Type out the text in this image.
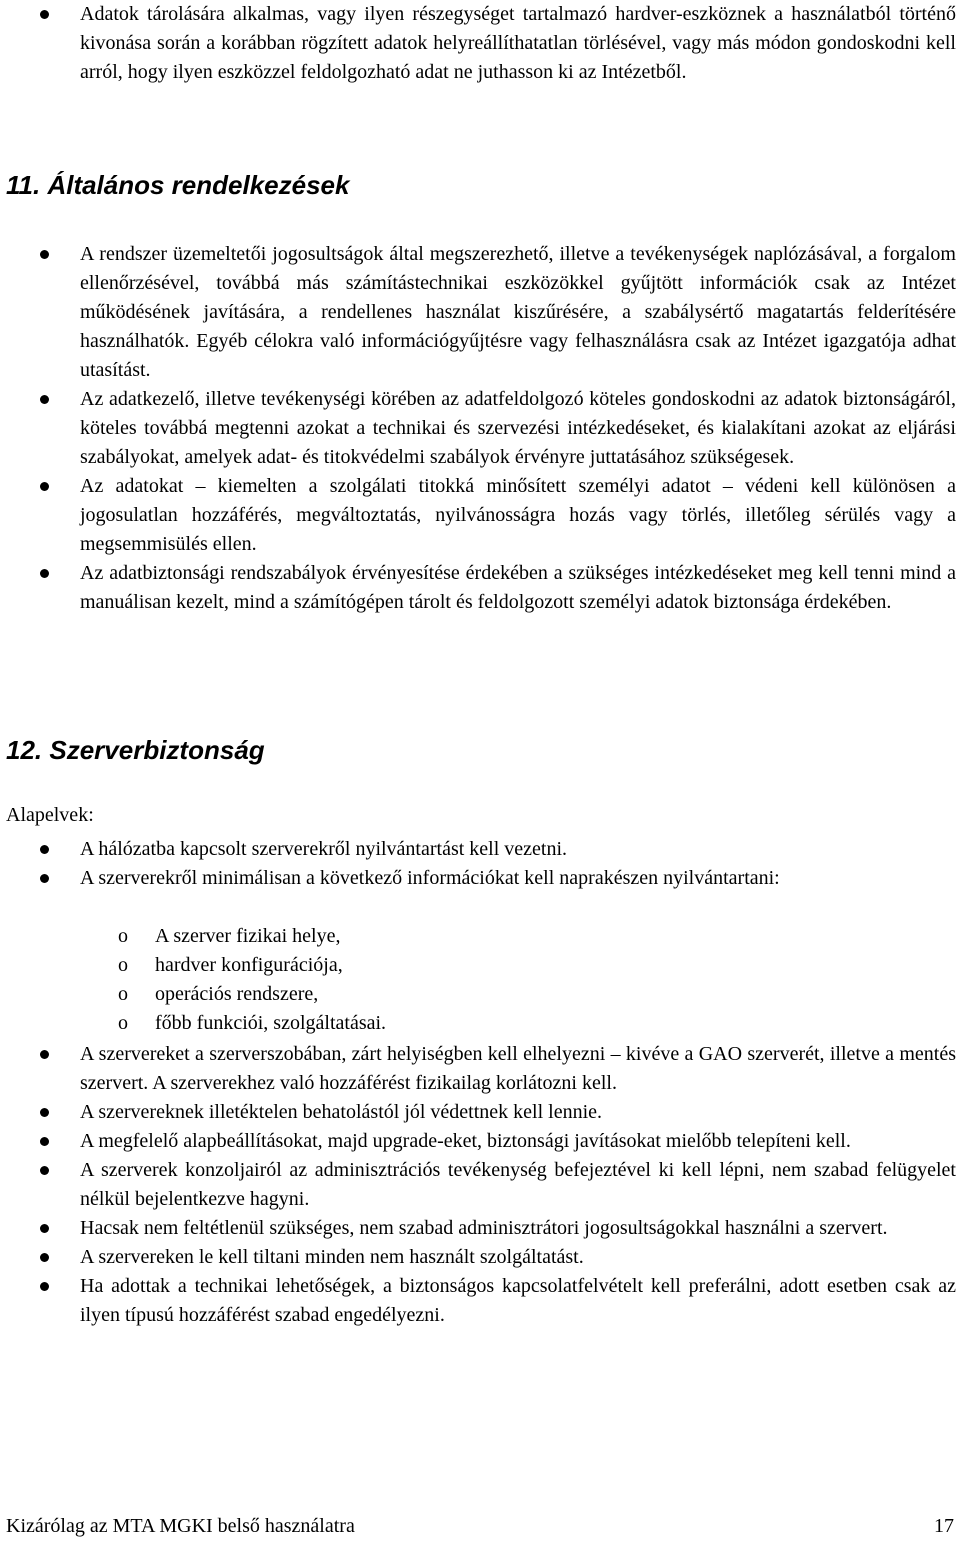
Adatok tárolására alkalmas, vagy ilyen részegységet tartalmazó hardver-eszköznek a használatból történő kivonása során a korábban rögzített adatok helyreállíthatatlan törlésével, vagy más módon gondoskodni kell arról, hogy ilyen eszközzel feldolgozható adat ne juthasson ki az Intézetből.
11. Általános rendelkezések
A rendszer üzemeltetői jogosultságok által megszerezhető, illetve a tevékenységek naplózásával, a forgalom ellenőrzésével, továbbá más számítástechnikai eszközökkel gyűjtött információk csak az Intézet működésének javítására, a rendellenes használat kiszűrésére, a szabálysértő magatartás felderítésére használhatók. Egyéb célokra való információgyűjtésre vagy felhasználásra csak az Intézet igazgatója adhat utasítást.
Az adatkezelő, illetve tevékenységi körében az adatfeldolgozó köteles gondoskodni az adatok biztonságáról, köteles továbbá megtenni azokat a technikai és szervezési intézkedéseket, és kialakítani azokat az eljárási szabályokat, amelyek adat- és titokvédelmi szabályok érvényre juttatásához szükségesek.
Az adatokat – kiemelten a szolgálati titokká minősített személyi adatot – védeni kell különösen a jogosulatlan hozzáférés, megváltoztatás, nyilvánosságra hozás vagy törlés, illetőleg sérülés vagy a megsemmisülés ellen.
Az adatbiztonsági rendszabályok érvényesítése érdekében a szükséges intézkedéseket meg kell tenni mind a manuálisan kezelt, mind a számítógépen tárolt és feldolgozott személyi adatok biztonsága érdekében.
12. Szerverbiztonság
Alapelvek:
A hálózatba kapcsolt szerverekről nyilvántartást kell vezetni.
A szerverekről minimálisan a következő információkat kell naprakészen nyilvántartani:
o A szerver fizikai helye,
o hardver konfigurációja,
o operációs rendszere,
o főbb funkciói, szolgáltatásai.
A szervereket a szerverszobában, zárt helyiségben kell elhelyezni – kivéve a GAO szerverét, illetve a mentés szervert. A szerverekhez való hozzáférést fizikailag korlátozni kell.
A szervereknek illetéktelen behatolástól jól védettnek kell lennie.
A megfelelő alapbeállításokat, majd upgrade-eket, biztonsági javításokat mielőbb telepíteni kell.
A szerverek konzoljairól az adminisztrációs tevékenység befejeztével ki kell lépni, nem szabad felügyelet nélkül bejelentkezve hagyni.
Hacsak nem feltétlenül szükséges, nem szabad adminisztrátori jogosultságokkal használni a szervert.
A szervereken le kell tiltani minden nem használt szolgáltatást.
Ha adottak a technikai lehetőségek, a biztonságos kapcsolatfelvételt kell preferálni, adott esetben csak az ilyen típusú hozzáférést szabad engedélyezni.
Kizárólag az MTA MGKI belső használatra	17
